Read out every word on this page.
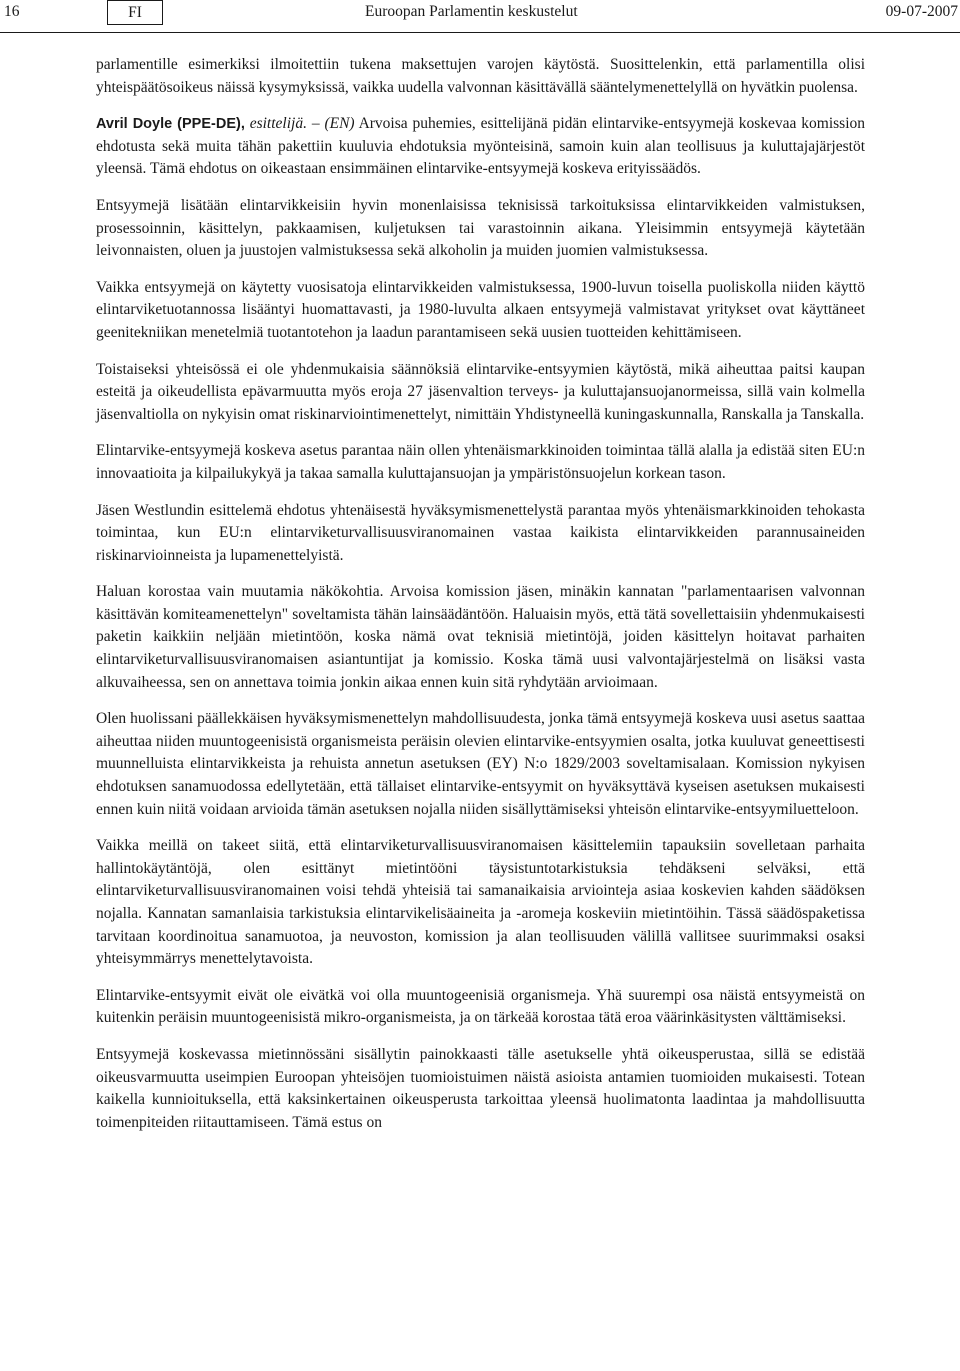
16	FI	Euroopan Parlamentin keskustelut	09-07-2007

parlamentille esimerkiksi ilmoitettiin tukena maksettujen varojen käytöstä. Suosittelenkin, että parlamentilla olisi yhteispäätösoikeus näissä kysymyksissä, vaikka uudella valvonnan käsittävällä sääntelymenettelyllä on hyvätkin puolensa.

Avril Doyle (PPE-DE), esittelijä. – (EN) Arvoisa puhemies, esittelijänä pidän elintarvike-entsyymejä koskevaa komission ehdotusta sekä muita tähän pakettiin kuuluvia ehdotuksia myönteisinä, samoin kuin alan teollisuus ja kuluttajajärjestöt yleensä. Tämä ehdotus on oikeastaan ensimmäinen elintarvike-entsyymejä koskeva erityissäädös.

Entsyymejä lisätään elintarvikkeisiin hyvin monenlaisissa teknisissä tarkoituksissa elintarvikkeiden valmistuksen, prosessoinnin, käsittelyn, pakkaamisen, kuljetuksen tai varastoinnin aikana. Yleisimmin entsyymejä käytetään leivonnaisten, oluen ja juustojen valmistuksessa sekä alkoholin ja muiden juomien valmistuksessa.

Vaikka entsyymejä on käytetty vuosisatoja elintarvikkeiden valmistuksessa, 1900-luvun toisella puoliskolla niiden käyttö elintarviketuotannossa lisääntyi huomattavasti, ja 1980-luvulta alkaen entsyymejä valmistavat yritykset ovat käyttäneet geenitekniikan menetelmiä tuotantotehon ja laadun parantamiseen sekä uusien tuotteiden kehittämiseen.

Toistaiseksi yhteisössä ei ole yhdenmukaisia säännöksiä elintarvike-entsyymien käytöstä, mikä aiheuttaa paitsi kaupan esteitä ja oikeudellista epävarmuutta myös eroja 27 jäsenvaltion terveys- ja kuluttajansuojanormeissa, sillä vain kolmella jäsenvaltiolla on nykyisin omat riskinarviointimenettelyt, nimittäin Yhdistyneellä kuningaskunnalla, Ranskalla ja Tanskalla.

Elintarvike-entsyymejä koskeva asetus parantaa näin ollen yhtenäismarkkinoiden toimintaa tällä alalla ja edistää siten EU:n innovaatioita ja kilpailukykyä ja takaa samalla kuluttajansuojan ja ympäristönsuojelun korkean tason.

Jäsen Westlundin esittelemä ehdotus yhtenäisestä hyväksymismenettelystä parantaa myös yhtenäismarkkinoiden tehokasta toimintaa, kun EU:n elintarviketurvallisuusviranomainen vastaa kaikista elintarvikkeiden parannusaineiden riskinarvioinneista ja lupamenettelyistä.

Haluan korostaa vain muutamia näkökohtia. Arvoisa komission jäsen, minäkin kannatan "parlamentaarisen valvonnan käsittävän komiteamenettelyn" soveltamista tähän lainsäädäntöön. Haluaisin myös, että tätä sovellettaisiin yhdenmukaisesti paketin kaikkiin neljään mietintöön, koska nämä ovat teknisiä mietintöjä, joiden käsittelyn hoitavat parhaiten elintarviketurvallisuusviranomaisen asiantuntijat ja komissio. Koska tämä uusi valvontajärjestelmä on lisäksi vasta alkuvaiheessa, sen on annettava toimia jonkin aikaa ennen kuin sitä ryhdytään arvioimaan.

Olen huolissani päällekkäisen hyväksymismenettelyn mahdollisuudesta, jonka tämä entsyymejä koskeva uusi asetus saattaa aiheuttaa niiden muuntogeenisistä organismeista peräisin olevien elintarvike-entsyymien osalta, jotka kuuluvat geneettisesti muunnelluista elintarvikkeista ja rehuista annetun asetuksen (EY) N:o 1829/2003 soveltamisalaan. Komission nykyisen ehdotuksen sanamuodossa edellytetään, että tällaiset elintarvike-entsyymit on hyväksyttävä kyseisen asetuksen mukaisesti ennen kuin niitä voidaan arvioida tämän asetuksen nojalla niiden sisällyttämiseksi yhteisön elintarvike-entsyymiluetteloon.

Vaikka meillä on takeet siitä, että elintarviketurvallisuusviranomaisen käsittelemiin tapauksiin sovelletaan parhaita hallintokäytäntöjä, olen esittänyt mietintööni täysistuntotarkistuksia tehdäkseni selväksi, että elintarviketurvallisuusviranomainen voisi tehdä yhteisiä tai samanaikaisia arviointeja asiaa koskevien kahden säädöksen nojalla. Kannatan samanlaisia tarkistuksia elintarvikelisäaineita ja -aromeja koskeviin mietintöihin. Tässä säädöspaketissa tarvitaan koordinoitua sanamuotoa, ja neuvoston, komission ja alan teollisuuden välillä vallitsee suurimmaksi osaksi yhteisymmärrys menettelytavoista.

Elintarvike-entsyymit eivät ole eivätkä voi olla muuntogeenisiä organismeja. Yhä suurempi osa näistä entsyymeistä on kuitenkin peräisin muuntogeenisistä mikro-organismeista, ja on tärkeää korostaa tätä eroa väärinkäsitysten välttämiseksi.

Entsyymejä koskevassa mietinnössäni sisällytin painokkaasti tälle asetukselle yhtä oikeusperustaa, sillä se edistää oikeusvarmuutta useimpien Euroopan yhteisöjen tuomioistuimen näistä asioista antamien tuomioiden mukaisesti. Totean kaikella kunnioituksella, että kaksinkertainen oikeusperusta tarkoittaa yleensä huolimatonta laadintaa ja mahdollisuutta toimenpiteiden riitauttamiseen. Tämä estus on
